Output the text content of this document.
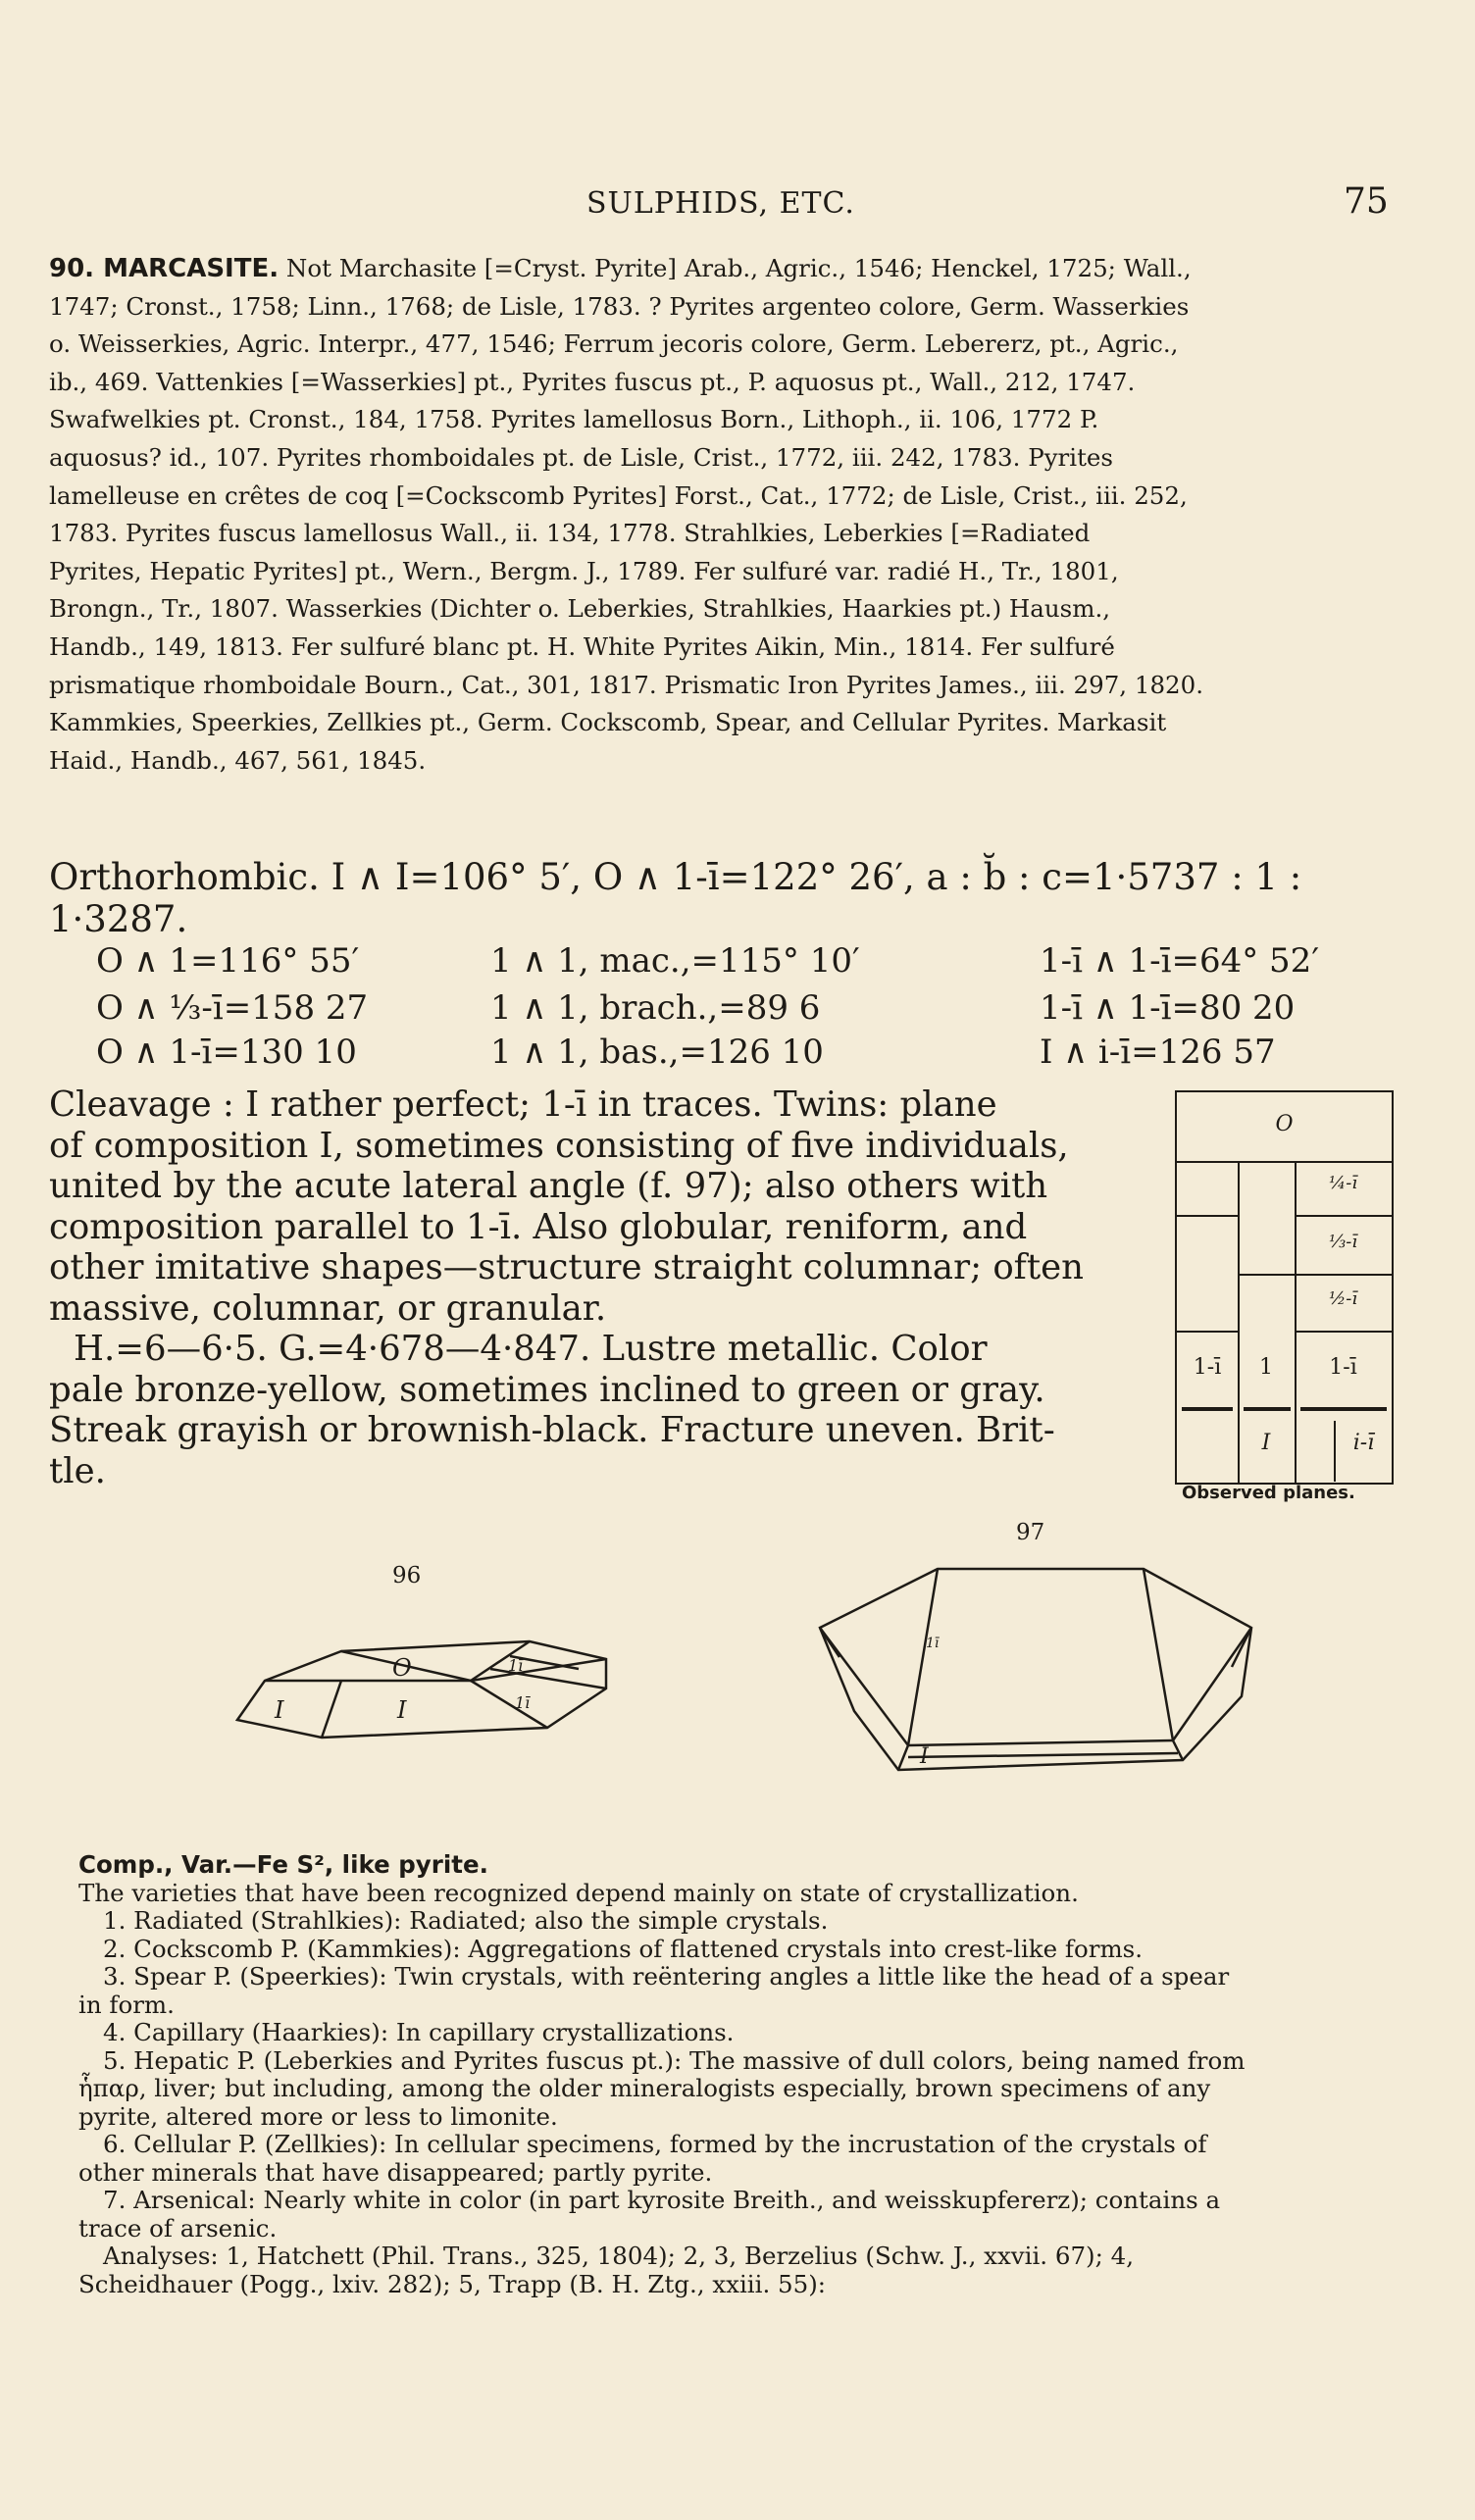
SULPHIDS, ETC.	75
90. MARCASITE. Not Marchasite [=Cryst. Pyrite] Arab., Agric., 1546; Henckel, 1725; Wall.,
1747; Cronst., 1758; Linn., 1768; de Lisle, 1783. ? Pyrites argenteo colore, Germ. Wasserkies
o. Weisserkies, Agric. Interpr., 477, 1546; Ferrum jecoris colore, Germ. Lebererz, pt., Agric.,
ib., 469. Vattenkies [=Wasserkies] pt., Pyrites fuscus pt., P. aquosus pt., Wall., 212, 1747.
Swafwelkies pt. Cronst., 184, 1758. Pyrites lamellosus Born., Lithoph., ii. 106, 1772 P.
aquosus? id., 107. Pyrites rhomboidales pt. de Lisle, Crist., 1772, iii. 242, 1783. Pyrites
lamelleuse en crêtes de coq [=Cockscomb Pyrites] Forst., Cat., 1772; de Lisle, Crist., iii. 252,
1783. Pyrites fuscus lamellosus Wall., ii. 134, 1778. Strahlkies, Leberkies [=Radiated
Pyrites, Hepatic Pyrites] pt., Wern., Bergm. J., 1789. Fer sulfuré var. radié H., Tr., 1801,
Brongn., Tr., 1807. Wasserkies (Dichter o. Leberkies, Strahlkies, Haarkies pt.) Hausm.,
Handb., 149, 1813. Fer sulfuré blanc pt. H. White Pyrites Aikin, Min., 1814. Fer sulfuré
prismatique rhomboidale Bourn., Cat., 301, 1817. Prismatic Iron Pyrites James., iii. 297, 1820.
Kammkies, Speerkies, Zellkies pt., Germ. Cockscomb, Spear, and Cellular Pyrites. Markasit
Haid., Handb., 467, 561, 1845.
Orthorhombic. I ∧ I=106° 5′, O ∧ 1-ī=122° 26′, a : b̆ : c=1·5737 : 1 :
1·3287.
O ∧ 1=116° 55′	1 ∧ 1, mac.,=115° 10′	1-ī ∧ 1-ī=64° 52′
O ∧ ⅓-ī=158 27	1 ∧ 1, brach.,=89 6	1-ī ∧ 1-ī=80 20
O ∧ 1-ī=130 10	1 ∧ 1, bas.,=126 10	I ∧ i-ī=126 57
Cleavage : I rather perfect; 1-ī in traces. Twins: plane
of composition I, sometimes consisting of five individuals,
united by the acute lateral angle (f. 97); also others with
composition parallel to 1-ī. Also globular, reniform, and
other imitative shapes—structure straight columnar; often
massive, columnar, or granular.
H.=6—6·5. G.=4·678—4·847. Lustre metallic. Color
pale bronze-yellow, sometimes inclined to green or gray.
Streak grayish or brownish-black. Fracture uneven. Brit-
tle.
O
¼-ī
⅓-ī
½-ī
1-ī	1	1-ī
I	i-ī
Observed planes.
96
O
I	I
1ī
1ī
97
1ī
I
Comp., Var.—Fe S², like pyrite.
The varieties that have been recognized depend mainly on state of crystallization.
1. Radiated (Strahlkies): Radiated; also the simple crystals.
2. Cockscomb P. (Kammkies): Aggregations of flattened crystals into crest-like forms.
3. Spear P. (Speerkies): Twin crystals, with reëntering angles a little like the head of a spear
in form.
4. Capillary (Haarkies): In capillary crystallizations.
5. Hepatic P. (Leberkies and Pyrites fuscus pt.): The massive of dull colors, being named from
ἧπαρ, liver; but including, among the older mineralogists especially, brown specimens of any
pyrite, altered more or less to limonite.
6. Cellular P. (Zellkies): In cellular specimens, formed by the incrustation of the crystals of
other minerals that have disappeared; partly pyrite.
7. Arsenical: Nearly white in color (in part kyrosite Breith., and weisskupfererz); contains a
trace of arsenic.
Analyses: 1, Hatchett (Phil. Trans., 325, 1804); 2, 3, Berzelius (Schw. J., xxvii. 67); 4,
Scheidhauer (Pogg., lxiv. 282); 5, Trapp (B. H. Ztg., xxiii. 55):
